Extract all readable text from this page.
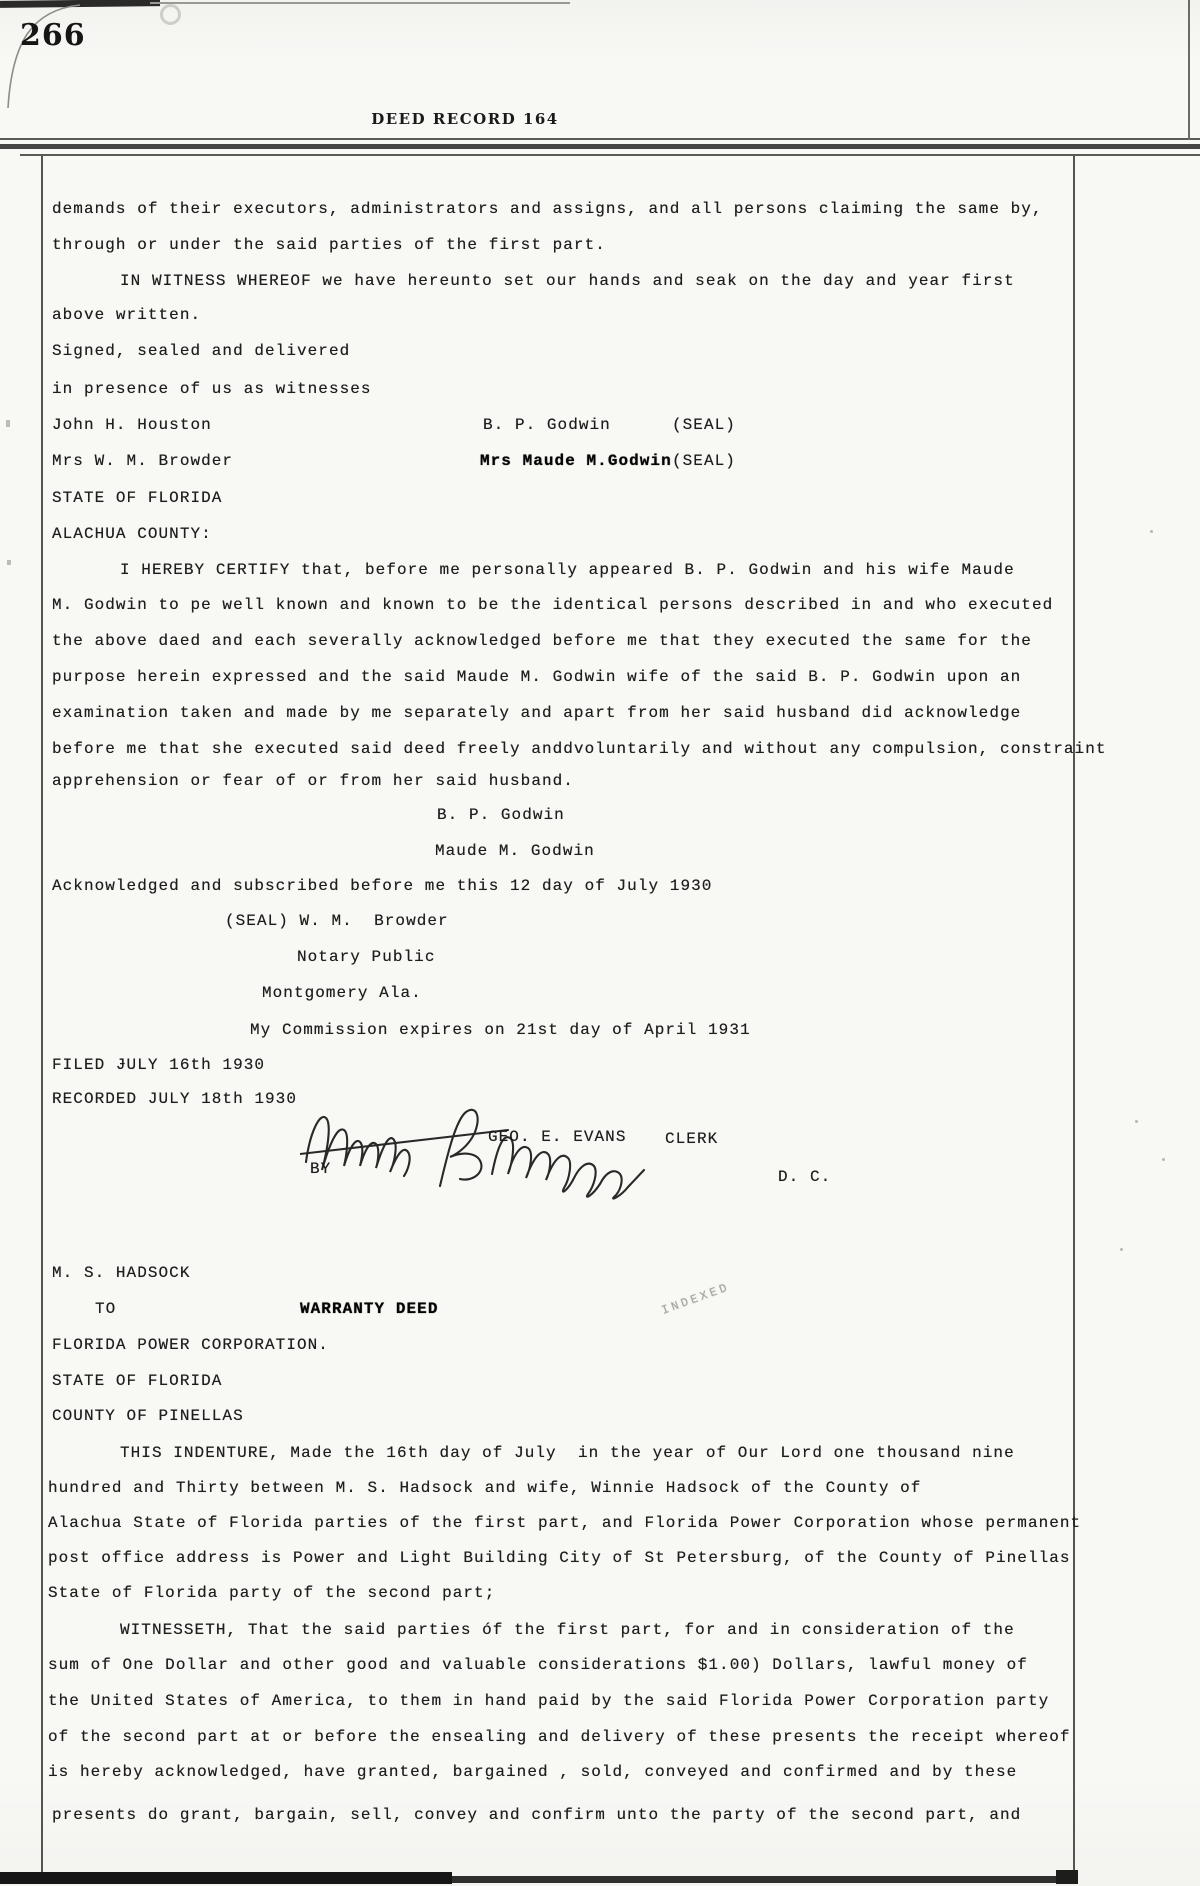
266
DEED RECORD 164
demands of their executors, administrators and assigns, and all persons claiming the same by,
through or under the said parties of the first part.
IN WITNESS WHEREOF we have hereunto set our hands and seak on the day and year first
above written.
Signed, sealed and delivered
in presence of us as witnesses
John H. Houston	B. P. Godwin	(SEAL)
Mrs W. M. Browder	Mrs Maude M.Godwin (SEAL)
STATE OF FLORIDA
ALACHUA COUNTY:
I HEREBY CERTIFY that, before me personally appeared B. P. Godwin and his wife Maude
M. Godwin to pe well known and known to be the identical persons described in and who executed
the above daed and each severally acknowledged before me that they executed the same for the
purpose herein expressed and the said Maude M. Godwin wife of the said B. P. Godwin upon an
examination taken and made by me separately and apart from her said husband did acknowledge
before me that she executed said deed freely anddvoluntarily and without any compulsion, constraint
apprehension or fear of or from her said husband.
B. P. Godwin
Maude M. Godwin
Acknowledged and subscribed before me this 12 day of July 1930
(SEAL) W. M.  Browder
Notary Public
Montgomery Ala.
My Commission expires on 21st day of April 1931
FILED ɈULY 16th 1930
RECORDED JULY 18th 1930
GEO. E. EVANS CLERK
BY	D. C.
M. S. HADSOCK
TO	WARRANTY DEED
FLORIDA POWER CORPORATION.
STATE OF FLORIDA
COUNTY OF PINELLAS
THIS INDENTURE, Made the 16th day of July  in the year of Our Lord one thousand nine
hundred and Thirty between M. S. Hadsock and wife, Winnie Hadsock of the County of
Alachua State of Florida parties of the first part, and Florida Power Corporation whose permanent
post office address is Power and Light Building City of St Petersburg, of the County of Pinellas
State of Florida party of the second part;
WITNESSETH, That the said parties óf the first part, for and in consideration of the
sum of One Dollar and other good and valuable considerations $1.00) Dollars, lawful money of
the United States of America, to them in hand paid by the said Florida Power Corporation party
of the second part at or before the ensealing and delivery of these presents the receipt whereof
is hereby acknowledged, have granted, bargained , sold, conveyed and confirmed and by these
presents do grant, bargain, sell, convey and confirm unto the party of the second part, and
INDEXED
